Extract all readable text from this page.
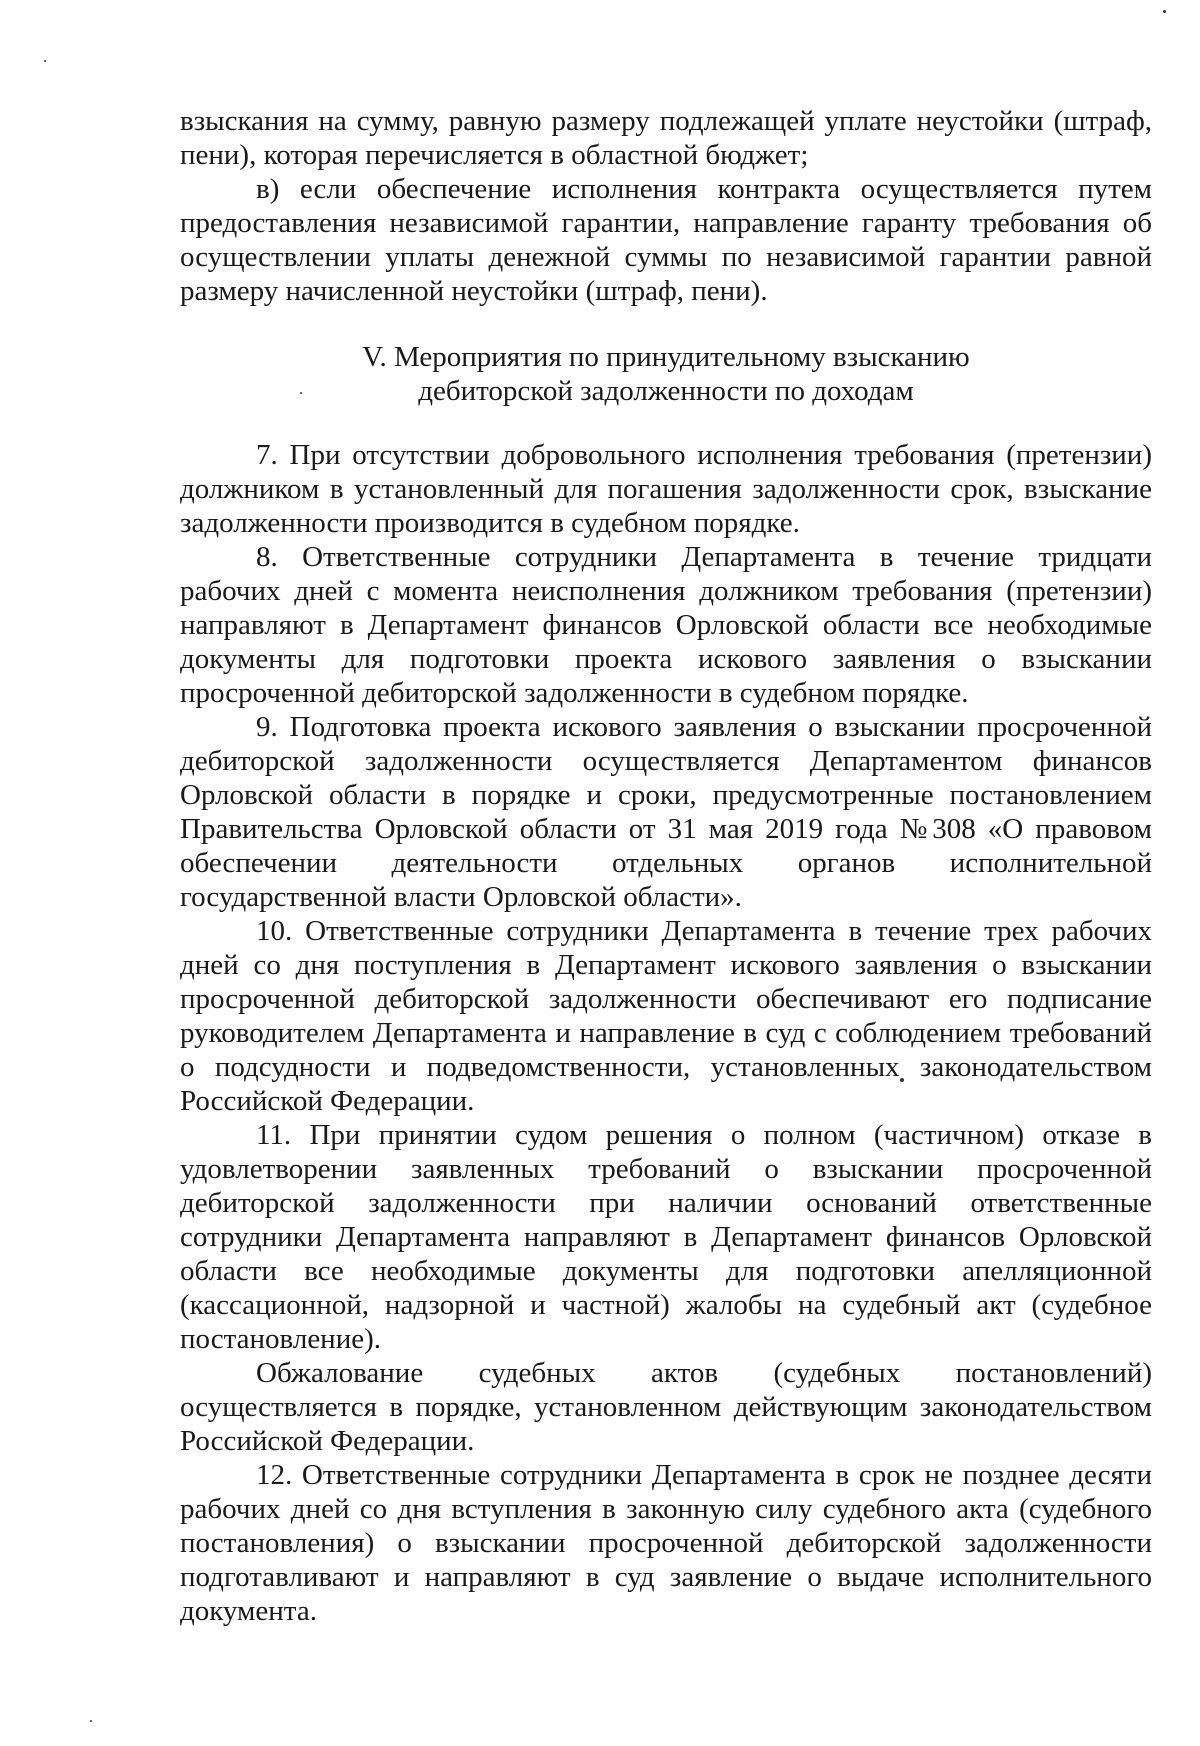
взыскания на сумму, равную размеру подлежащей уплате неустойки (штраф, пени), которая перечисляется в областной бюджет;

в) если обеспечение исполнения контракта осуществляется путем предоставления независимой гарантии, направление гаранту требования об осуществлении уплаты денежной суммы по независимой гарантии равной размеру начисленной неустойки (штраф, пени).

V. Мероприятия по принудительному взысканию
дебиторской задолженности по доходам

7. При отсутствии добровольного исполнения требования (претензии) должником в установленный для погашения задолженности срок, взыскание задолженности производится в судебном порядке.

8. Ответственные сотрудники Департамента в течение тридцати рабочих дней с момента неисполнения должником требования (претензии) направляют в Департамент финансов Орловской области все необходимые документы для подготовки проекта искового заявления о взыскании просроченной дебиторской задолженности в судебном порядке.

9. Подготовка проекта искового заявления о взыскании просроченной дебиторской задолженности осуществляется Департаментом финансов Орловской области в порядке и сроки, предусмотренные постановлением Правительства Орловской области от 31 мая 2019 года №308 «О правовом обеспечении деятельности отдельных органов исполнительной государственной власти Орловской области».

10. Ответственные сотрудники Департамента в течение трех рабочих дней со дня поступления в Департамент искового заявления о взыскании просроченной дебиторской задолженности обеспечивают его подписание руководителем Департамента и направление в суд с соблюдением требований о подсудности и подведомственности, установленных законодательством Российской Федерации.

11. При принятии судом решения о полном (частичном) отказе в удовлетворении заявленных требований о взыскании просроченной дебиторской задолженности при наличии оснований ответственные сотрудники Департамента направляют в Департамент финансов Орловской области все необходимые документы для подготовки апелляционной (кассационной, надзорной и частной) жалобы на судебный акт (судебное постановление).

Обжалование судебных актов (судебных постановлений) осуществляется в порядке, установленном действующим законодательством Российской Федерации.

12. Ответственные сотрудники Департамента в срок не позднее десяти рабочих дней со дня вступления в законную силу судебного акта (судебного постановления) о взыскании просроченной дебиторской задолженности подготавливают и направляют в суд заявление о выдаче исполнительного документа.
